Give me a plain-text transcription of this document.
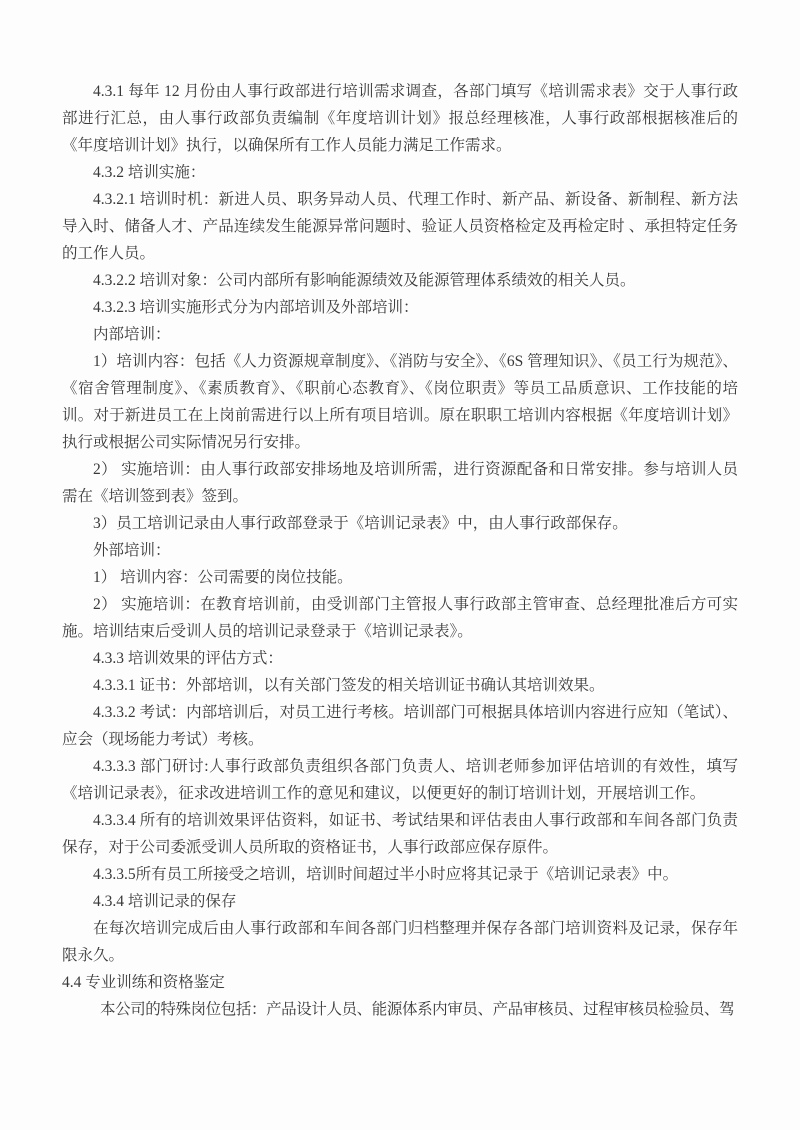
4.3.1 每年 12 月份由人事行政部进行培训需求调查，各部门填写《培训需求表》交于人事行政部进行汇总，由人事行政部负责编制《年度培训计划》报总经理核准，人事行政部根据核准后的《年度培训计划》执行，以确保所有工作人员能力满足工作需求。

4.3.2 培训实施：

4.3.2.1 培训时机：新进人员、职务异动人员、代理工作时、新产品、新设备、新制程、新方法导入时、储备人才、产品连续发生能源异常问题时、验证人员资格检定及再检定时 、承担特定任务的工作人员。

4.3.2.2 培训对象：公司内部所有影响能源绩效及能源管理体系绩效的相关人员。

4.3.2.3 培训实施形式分为内部培训及外部培训：

内部培训：

1）培训内容：包括《人力资源规章制度》、《消防与安全》、《6S 管理知识》、《员工行为规范》、《宿舍管理制度》、《素质教育》、《职前心态教育》、《岗位职责》等员工品质意识、工作技能的培训。对于新进员工在上岗前需进行以上所有项目培训。原在职职工培训内容根据《年度培训计划》执行或根据公司实际情况另行安排。

2） 实施培训：由人事行政部安排场地及培训所需，进行资源配备和日常安排。参与培训人员需在《培训签到表》签到。

3）员工培训记录由人事行政部登录于《培训记录表》中，由人事行政部保存。

外部培训：

1） 培训内容：公司需要的岗位技能。

2） 实施培训：在教育培训前，由受训部门主管报人事行政部主管审查、总经理批准后方可实施。培训结束后受训人员的培训记录登录于《培训记录表》。

4.3.3 培训效果的评估方式：

4.3.3.1 证书：外部培训，以有关部门签发的相关培训证书确认其培训效果。

4.3.3.2 考试：内部培训后，对员工进行考核。培训部门可根据具体培训内容进行应知（笔试）、应会（现场能力考试）考核。

4.3.3.3 部门研讨:人事行政部负责组织各部门负责人、培训老师参加评估培训的有效性，填写《培训记录表》，征求改进培训工作的意见和建议，以便更好的制订培训计划，开展培训工作。

4.3.3.4 所有的培训效果评估资料，如证书、考试结果和评估表由人事行政部和车间各部门负责保存，对于公司委派受训人员所取的资格证书，人事行政部应保存原件。

4.3.3.5所有员工所接受之培训，培训时间超过半小时应将其记录于《培训记录表》中。

4.3.4 培训记录的保存

在每次培训完成后由人事行政部和车间各部门归档整理并保存各部门培训资料及记录，保存年限永久。

4.4 专业训练和资格鉴定

本公司的特殊岗位包括：产品设计人员、能源体系内审员、产品审核员、过程审核员检验员、驾
